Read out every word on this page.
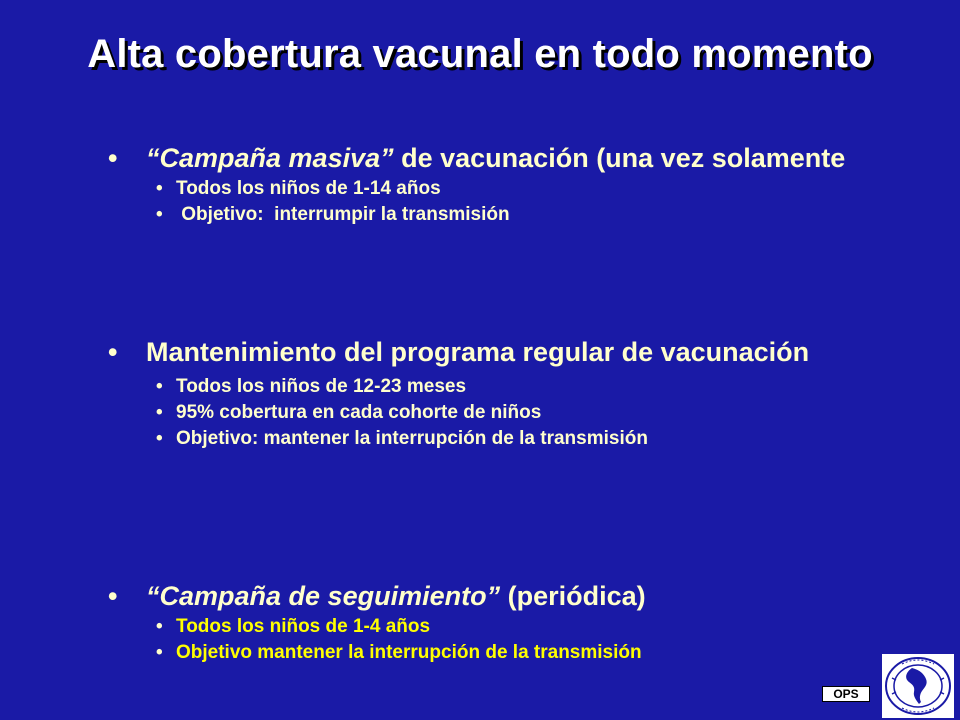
Alta cobertura vacunal en todo momento
•	“Campaña masiva” de vacunación (una vez solamente
• Todos los niños de 1-14 años
• Objetivo:  interrumpir la transmisión
•	Mantenimiento del programa regular de vacunación
• Todos los niños de 12-23 meses
• 95% cobertura en cada cohorte de niños
• Objetivo: mantener la interrupción de la transmisión
•	“Campaña de seguimiento” (periódica)
• Todos los niños de 1-4 años
• Objetivo mantener la interrupción de la transmisión
OPS
